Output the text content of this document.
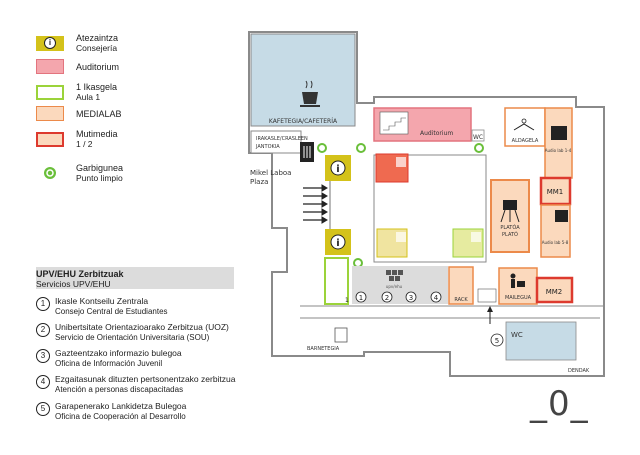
i	Atezaintza
Consejería
Auditorium
1 Ikasgela
Aula 1
MEDIALAB
Mutimedia
1 / 2
Garbigunea
Punto limpio
UPV/EHU Zerbitzuak
Servicios UPV/EHU
1	Ikasle Kontseilu Zentrala
Consejo Central de Estudiantes
2	Unibertsitate Orientazioarako Zerbitzua (UOZ)
Servicio de Orientación Universitaria (SOU)
3	Gazteentzako informazio bulegoa
Oficina de Información Juvenil
4	Ezgaitasunak dituzten pertsonentzako zerbitzua
Atención a personas discapacitadas
5	Garapenerako Lankidetza Bulegoa
Oficina de Cooperación al Desarrollo
KAFETEGIA/CAFETERÍA
IRAKASLE/CRASLEEN
JANTOKIA
Mikel Laboa
Plaza
i
i
Auditorium
WC
upv/ehu
1 1	2	3	4
5
RACK
ALDAGELA
Audio lab 1-4
MM1
Audio lab 5-8
PLATÓA
PLATÓ
MAILEGUA
MM2
BARNETEGIA
WC
DENDAK
_0_
